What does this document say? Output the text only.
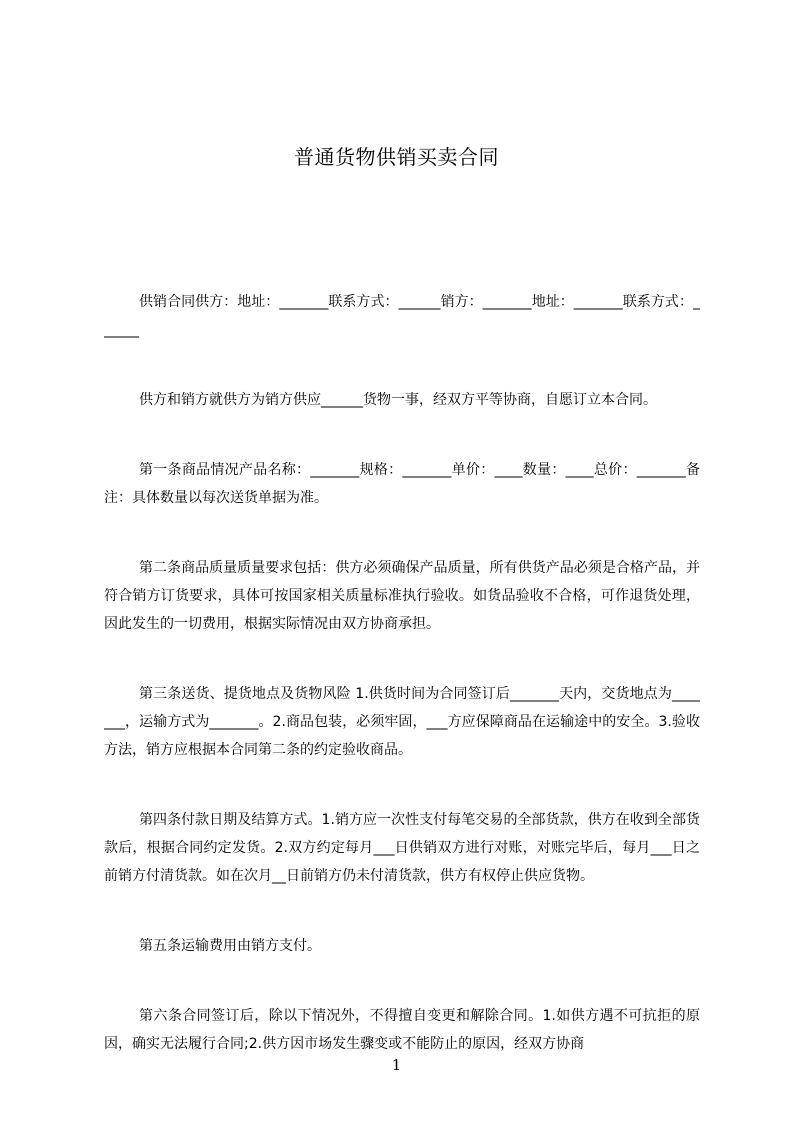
普通货物供销买卖合同

供销合同供方：地址：_______联系方式：______销方：_______地址：_______联系方式：______

供方和销方就供方为销方供应______货物一事，经双方平等协商，自愿订立本合同。

第一条商品情况产品名称：_______规格：_______单价：____数量：____总价：_______备注：具体数量以每次送货单据为准。

第二条商品质量质量要求包括：供方必须确保产品质量，所有供货产品必须是合格产品，并符合销方订货要求，具体可按国家相关质量标准执行验收。如货品验收不合格，可作退货处理，因此发生的一切费用，根据实际情况由双方协商承担。

第三条送货、提货地点及货物风险 1.供货时间为合同签订后_______天内，交货地点为_______，运输方式为_______。2.商品包装，必须牢固，___方应保障商品在运输途中的安全。3.验收方法，销方应根据本合同第二条的约定验收商品。

第四条付款日期及结算方式。1.销方应一次性支付每笔交易的全部货款，供方在收到全部货款后，根据合同约定发货。2.双方约定每月___日供销双方进行对账，对账完毕后，每月___日之前销方付清货款。如在次月__日前销方仍未付清货款，供方有权停止供应货物。

第五条运输费用由销方支付。

第六条合同签订后，除以下情况外，不得擅自变更和解除合同。1.如供方遇不可抗拒的原因，确实无法履行合同;2.供方因市场发生骤变或不能防止的原因，经双方协商

1
